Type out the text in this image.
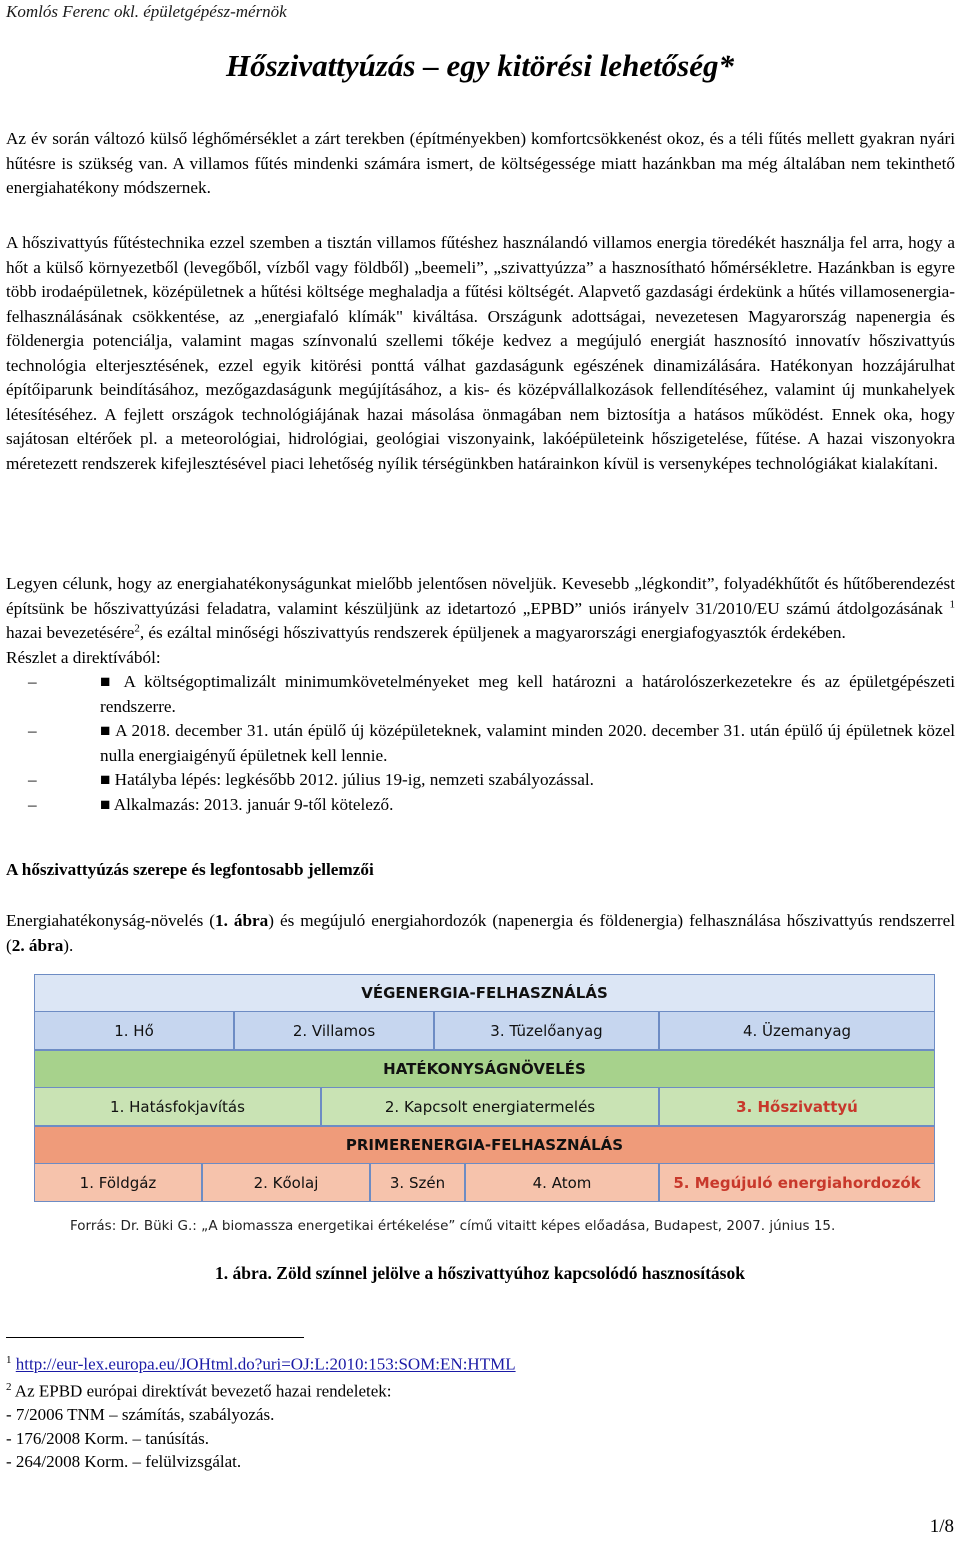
Komlós Ferenc okl. épületgépész-mérnök
Hőszivattyúzás – egy kitörési lehetőség*

Az év során változó külső léghőmérséklet a zárt terekben (építményekben) komfortcsökkenést okoz, és a téli fűtés mellett gyakran nyári hűtésre is szükség van. A villamos fűtés mindenki számára ismert, de költségessége miatt hazánkban ma még általában nem tekinthető energiahatékony módszernek.

A hőszivattyús fűtéstechnika ezzel szemben a tisztán villamos fűtéshez használandó villamos energia töredékét használja fel arra, hogy a hőt a külső környezetből (levegőből, vízből vagy földből) „beemeli”, „szivattyúzza” a hasznosítható hőmérsékletre. Hazánkban is egyre több irodaépületnek, középületnek a hűtési költsége meghaladja a fűtési költségét. Alapvető gazdasági érdekünk a hűtés villamosenergia-felhasználásának csökkentése, az „energiafaló klímák" kiváltása. Országunk adottságai, nevezetesen Magyarország napenergia és földenergia potenciálja, valamint magas színvonalú szellemi tőkéje kedvez a megújuló energiát hasznosító innovatív hőszivattyús technológia elterjesztésének, ezzel egyik kitörési ponttá válhat gazdaságunk egészének dinamizálására. Hatékonyan hozzájárulhat építőiparunk beindításához, mezőgazdaságunk megújításához, a kis- és középvállalkozások fellendítéséhez, valamint új munkahelyek létesítéséhez. A fejlett országok technológiájának hazai másolása önmagában nem biztosítja a hatásos működést. Ennek oka, hogy sajátosan eltérőek pl. a meteorológiai, hidrológiai, geológiai viszonyaink, lakóépületeink hőszigetelése, fűtése. A hazai viszonyokra méretezett rendszerek kifejlesztésével piaci lehetőség nyílik térségünkben határainkon kívül is versenyképes technológiákat kialakítani.

Legyen célunk, hogy az energiahatékonyságunkat mielőbb jelentősen növeljük. Kevesebb „légkondit”, folyadékhűtőt és hűtőberendezést építsünk be hőszivattyúzási feladatra, valamint készüljünk az idetartozó „EPBD” uniós irányelv 31/2010/EU számú átdolgozásának $^1$ hazai bevezetésére$^2$, és ezáltal minőségi hőszivattyús rendszerek épüljenek a magyarországi energiafogyasztók érdekében.

Részlet a direktívából:

–	■ A költségoptimalizált minimumkövetelményeket meg kell határozni a határolószerkezetekre és az épületgépészeti rendszerre.
–	■ A 2018. december 31. után épülő új középületeknek, valamint minden 2020. december 31. után épülő új épületnek közel nulla energiaigényű épületnek kell lennie.
–	■ Hatályba lépés: legkésőbb 2012. július 19-ig, nemzeti szabályozással.
–	■ Alkalmazás: 2013. január 9-től kötelező.
A hőszivattyúzás szerepe és legfontosabb jellemzői

Energiahatékonyság-növelés (1. ábra) és megújuló energiahordozók (napenergia és földenergia) felhasználása hőszivattyús rendszerrel (2. ábra).

VÉGENERGIA-FELHASZNÁLÁS
1. Hő	2. Villamos	3. Tüzelőanyag	4. Üzemanyag
HATÉKONYSÁGNÖVELÉS
1. Hatásfokjavítás	2. Kapcsolt energiatermelés	3. Hőszivattyú
PRIMERENERGIA-FELHASZNÁLÁS
1. Földgáz	2. Kőolaj	3. Szén	4. Atom	5. Megújuló energiahordozók
Forrás: Dr. Büki G.: „A biomassza energetikai értékelése” című vitaitt képes előadása, Budapest, 2007. június 15.
1. ábra. Zöld színnel jelölve a hőszivattyúhoz kapcsolódó hasznosítások

$^1$ http://eur-lex.europa.eu/JOHtml.do?uri=OJ:L:2010:153:SOM:EN:HTML

$^2$ Az EPBD európai direktívát bevezető hazai rendeletek:

- 7/2006 TNM – számítás, szabályozás.

- 176/2008 Korm. – tanúsítás.

- 264/2008 Korm. – felülvizsgálat.

1/8
